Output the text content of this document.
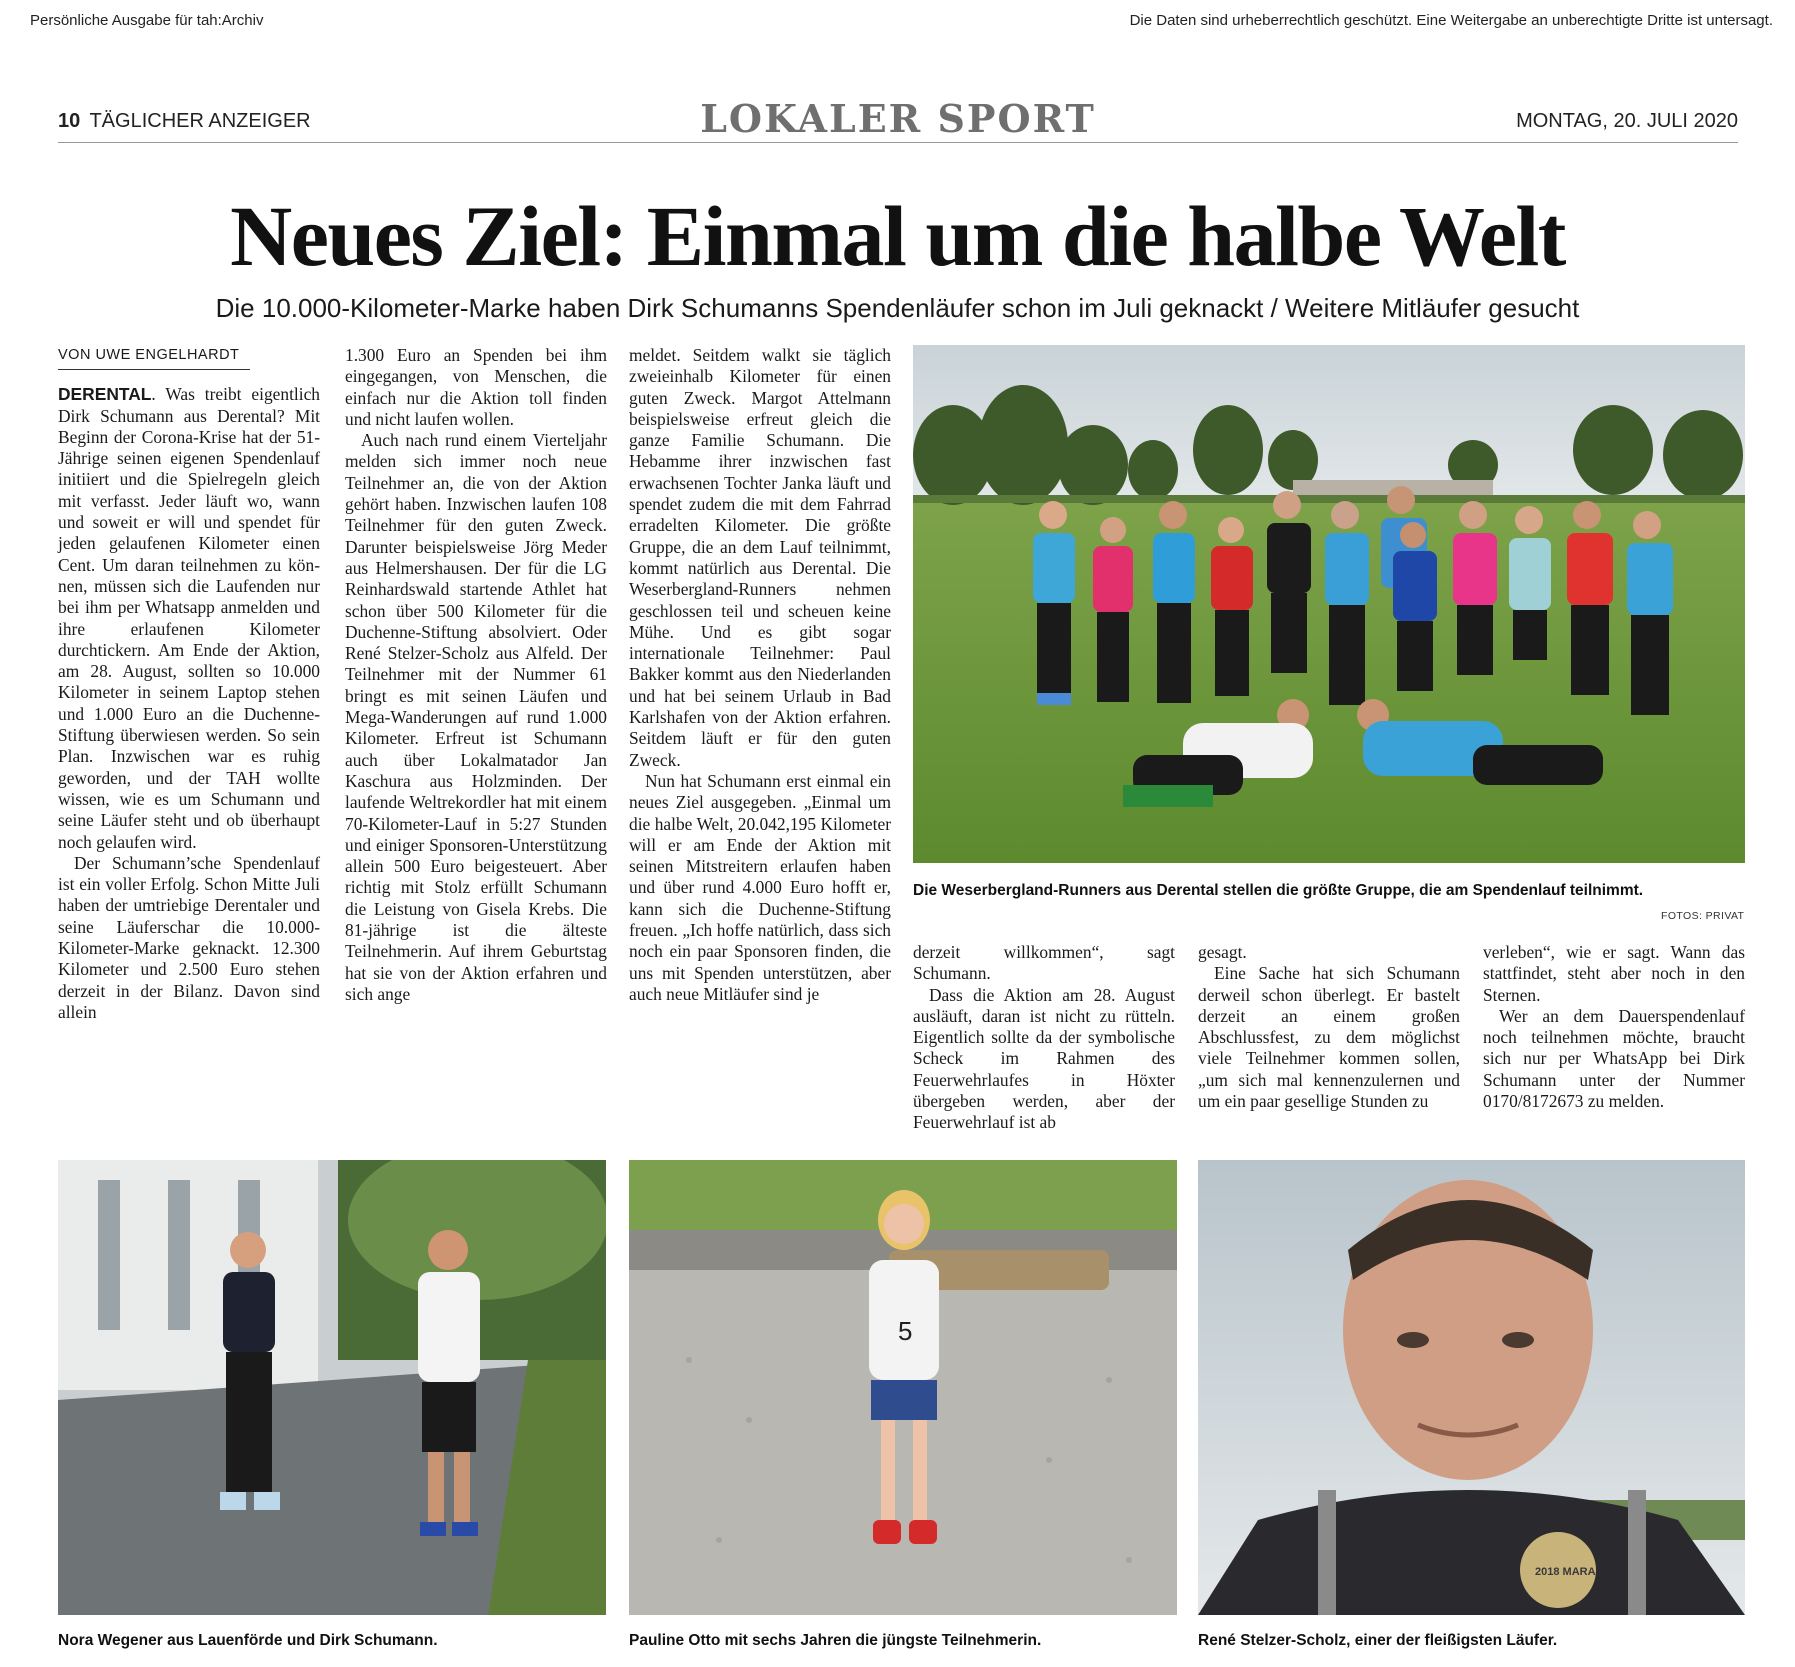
Persönliche Ausgabe für tah:Archiv	Die Daten sind urheberrechtlich geschützt. Eine Weitergabe an unberechtigte Dritte ist untersagt.
10 TÄGLICHER ANZEIGER	LOKALER SPORT	MONTAG, 20. JULI 2020
Neues Ziel: Einmal um die halbe Welt
Die 10.000-Kilometer-Marke haben Dirk Schumanns Spendenläufer schon im Juli geknackt / Weitere Mitläufer gesucht
VON UWE ENGELHARDT

DERENTAL. Was treibt eigentlich Dirk Schumann aus Derental? Mit Beginn der Corona-Krise hat der 51-Jährige seinen eigenen Spendenlauf initiiert und die Spielregeln gleich mit verfasst. Jeder läuft wo, wann und soweit er will und spendet für jeden gelaufenen Kilometer einen Cent. Um daran teilnehmen zu können, müssen sich die Laufenden nur bei ihm per Whatsapp anmelden und ihre erlaufenen Kilometer durchtickern. Am Ende der Aktion, am 28. August, sollten so 10.000 Kilometer in seinem Laptop stehen und 1.000 Euro an die Duchenne-Stiftung überwiesen werden. So sein Plan. Inzwischen war es ruhig geworden, und der TAH wollte wissen, wie es um Schumann und seine Läufer steht und ob überhaupt noch gelaufen wird.

Der Schumann’sche Spendenlauf ist ein voller Erfolg. Schon Mitte Juli haben der umtriebige Derentaler und seine Läuferschar die 10.000-Kilometer-Marke geknackt. 12.300 Kilometer und 2.500 Euro stehen derzeit in der Bilanz. Davon sind allein

1.300 Euro an Spenden bei ihm eingegangen, von Menschen, die einfach nur die Aktion toll finden und nicht laufen wollen.

Auch nach rund einem Vierteljahr melden sich immer noch neue Teilnehmer an, die von der Aktion gehört haben. Inzwischen laufen 108 Teilnehmer für den guten Zweck. Darunter beispielsweise Jörg Meder aus Helmershausen. Der für die LG Reinhardswald startende Athlet hat schon über 500 Kilometer für die Duchenne-Stiftung absolviert. Oder René Stelzer-Scholz aus Alfeld. Der Teilnehmer mit der Nummer 61 bringt es mit seinen Läufen und Mega-Wanderungen auf rund 1.000 Kilometer. Erfreut ist Schumann auch über Lokalmatador Jan Kaschura aus Holzminden. Der laufende Weltrekordler hat mit einem 70-Kilometer-Lauf in 5:27 Stunden und einiger Sponsoren-Unterstützung allein 500 Euro beigesteuert. Aber richtig mit Stolz erfüllt Schumann die Leistung von Gisela Krebs. Die 81-jährige ist die älteste Teilnehmerin. Auf ihrem Geburtstag hat sie von der Aktion erfahren und sich ange

meldet. Seitdem walkt sie täglich zweieinhalb Kilometer für einen guten Zweck. Margot Attelmann beispielsweise erfreut gleich die ganze Familie Schumann. Die Hebamme ihrer inzwischen fast erwachsenen Tochter Janka läuft und spendet zudem die mit dem Fahrrad erradelten Kilometer. Die größte Gruppe, die an dem Lauf teilnimmt, kommt natürlich aus Derental. Die Weserbergland-Runners nehmen geschlossen teil und scheuen keine Mühe. Und es gibt sogar internationale Teilnehmer: Paul Bakker kommt aus den Niederlanden und hat bei seinem Urlaub in Bad Karlshafen von der Aktion erfahren. Seitdem läuft er für den guten Zweck.

Nun hat Schumann erst einmal ein neues Ziel ausgegeben. „Einmal um die halbe Welt, 20.042,195 Kilometer will er am Ende der Aktion mit seinen Mitstreitern erlaufen haben und über rund 4.000 Euro hofft er, kann sich die Duchenne-Stiftung freuen. „Ich hoffe natürlich, dass sich noch ein paar Sponsoren finden, die uns mit Spenden unterstützen, aber auch neue Mitläufer sind je

Die Weserbergland-Runners aus Derental stellen die größte Gruppe, die am Spendenlauf teilnimmt.
FOTOS: PRIVAT

derzeit willkommen“, sagt Schumann.

Dass die Aktion am 28. August ausläuft, daran ist nicht zu rütteln. Eigentlich sollte da der symbolische Scheck im Rahmen des Feuerwehrlaufes in Höxter übergeben werden, aber der Feuerwehrlauf ist ab

gesagt.

Eine Sache hat sich Schumann derweil schon überlegt. Er bastelt derzeit an einem großen Abschlussfest, zu dem möglichst viele Teilnehmer kommen sollen, „um sich mal kennenzulernen und um ein paar gesellige Stunden zu

verleben“, wie er sagt. Wann das stattfindet, steht aber noch in den Sternen.

Wer an dem Dauerspendenlauf noch teilnehmen möchte, braucht sich nur per WhatsApp bei Dirk Schumann unter der Nummer 0170/8172673 zu melden.

Nora Wegener aus Lauenförde und Dirk Schumann.
5
Pauline Otto mit sechs Jahren die jüngste Teilnehmerin.
2018 MARA
René Stelzer-Scholz, einer der fleißigsten Läufer.
